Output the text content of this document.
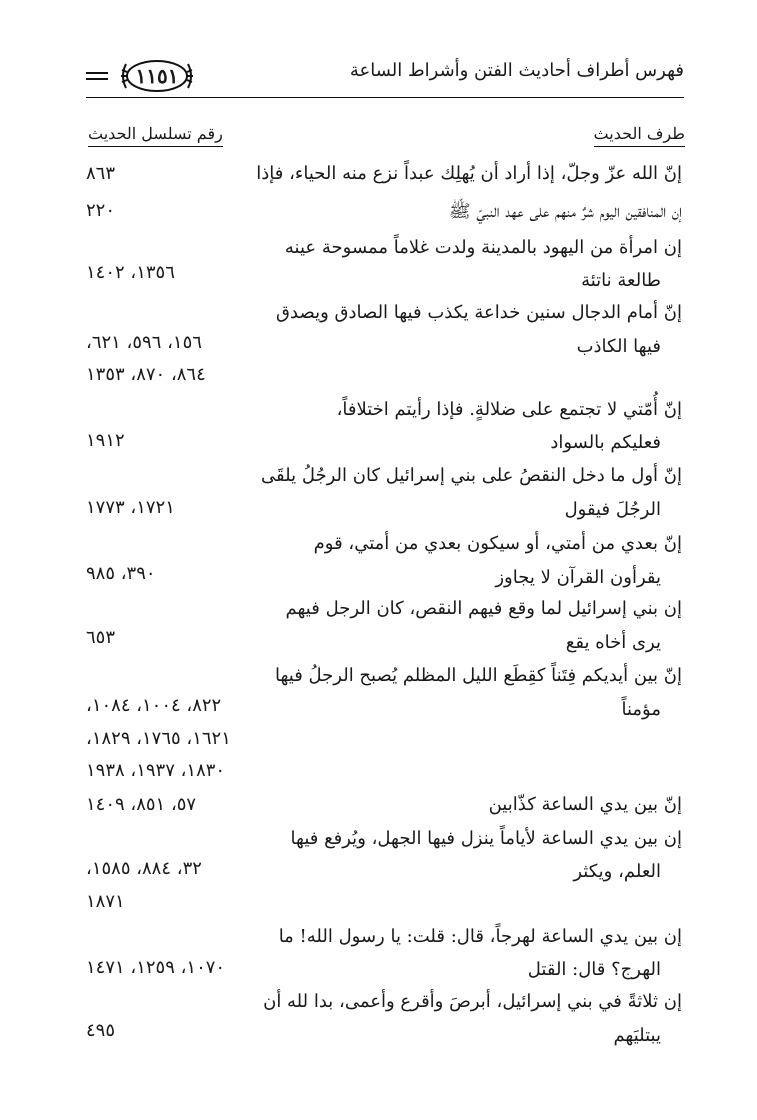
فهرس أطراف أحاديث الفتن وأشراط الساعة
١١٥١
طرف الحديث
رقم تسلسل الحديث
إنّ الله عزّ وجلّ، إذا أراد أن يُهلِك عبداً نزع منه الحياء، فإذا
٨٦٣
إن المنافقين اليوم شرٌ منهم على عهد النبيّ ﷺ
٢٢٠
إن امرأة من اليهود بالمدينة ولدت غلاماً ممسوحة عينه
طالعة ناتئة
١٣٥٦، ١٤٠٢
إنّ أمام الدجال سنين خداعة يكذب فيها الصادق ويصدق
فيها الكاذب
١٥٦، ٥٩٦، ٦٢١،
٨٦٤، ٨٧٠، ١٣٥٣
إنّ أُمّتي لا تجتمع على ضلالةٍ. فإذا رأيتم اختلافاً،
فعليكم بالسواد
١٩١٢
إنّ أول ما دخل النقصُ على بني إسرائيل كان الرجُلُ يلقَى
الرجُلَ فيقول
١٧٢١، ١٧٧٣
إنّ بعدي من أمتي، أو سيكون بعدي من أمتي، قوم
يقرأون القرآن لا يجاوز
٣٩٠، ٩٨٥
إن بني إسرائيل لما وقع فيهم النقص، كان الرجل فيهم
يرى أخاه يقع
٦٥٣
إنّ بين أيديكم فِتَناً كقِطَع الليل المظلم يُصبح الرجلُ فيها
مؤمناً
٨٢٢، ١٠٠٤، ١٠٨٤،
١٦٢١، ١٧٦٥، ١٨٢٩،
١٨٣٠، ١٩٣٧، ١٩٣٨
إنّ بين يدي الساعة كذّابين
٥٧، ٨٥١، ١٤٠٩
إن بين يدي الساعة لأياماً ينزل فيها الجهل، ويُرفع فيها
العلم، ويكثر
٣٢، ٨٨٤، ١٥٨٥،
١٨٧١
إن بين يدي الساعة لهرجاً، قال: قلت: يا رسول الله! ما
الهرج؟ قال: القتل
١٠٧٠، ١٢٥٩، ١٤٧١
إن ثلاثةً في بني إسرائيل، أبرصَ وأقرع وأعمى، بدا لله أن
يبتليَهم
٤٩٥
